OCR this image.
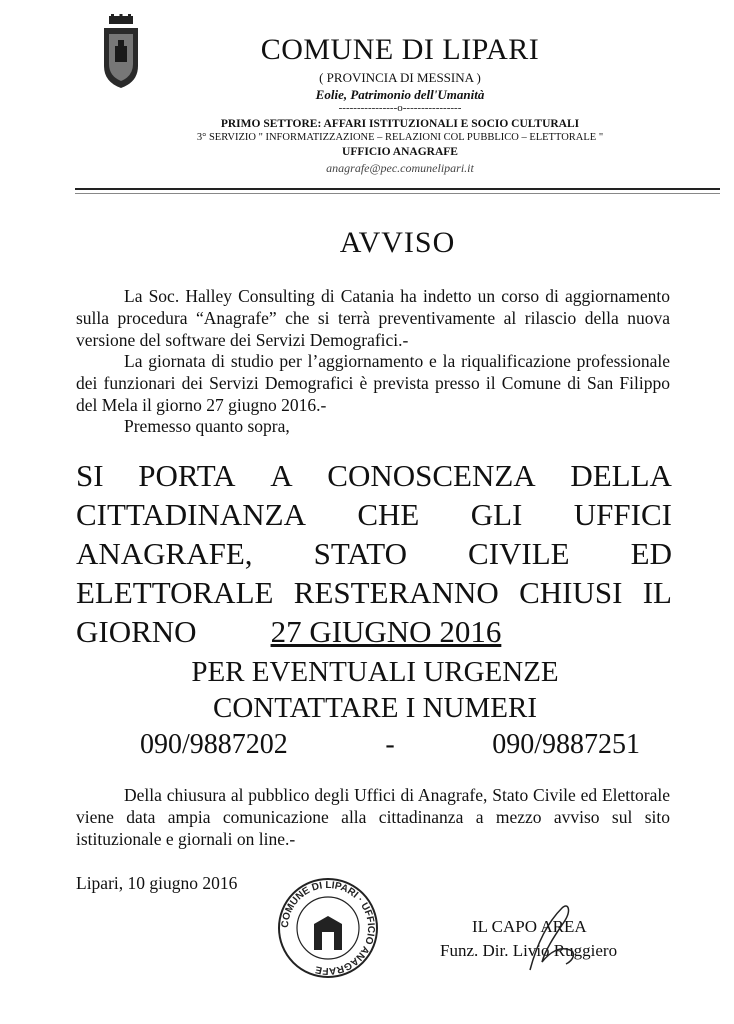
COMUNE DI LIPARI
( PROVINCIA DI MESSINA )
Eolie, Patrimonio dell'Umanità
----------------o----------------
PRIMO SETTORE: AFFARI ISTITUZIONALI E SOCIO CULTURALI
3° SERVIZIO " INFORMATIZZAZIONE – RELAZIONI COL PUBBLICO – ELETTORALE "
UFFICIO ANAGRAFE
anagrafe@pec.comunelipari.it
AVVISO
La Soc. Halley Consulting di Catania ha indetto un corso di aggiornamento sulla procedura “Anagrafe” che si terrà preventivamente al rilascio della nuova versione del software dei Servizi Demografici.-
La giornata di studio per l’aggiornamento e la riqualificazione professionale dei funzionari dei Servizi Demografici è prevista presso il Comune di San Filippo del Mela il giorno 27 giugno 2016.-
Premesso quanto sopra,
SI PORTA A CONOSCENZA DELLA
CITTADINANZA CHE GLI UFFICI
ANAGRAFE, STATO CIVILE ED
ELETTORALE RESTERANNO CHIUSI IL
GIORNO 27 GIUGNO 2016
PER EVENTUALI URGENZE
CONTATTARE I NUMERI
090/9887202	-	090/9887251
Della chiusura al pubblico degli Uffici di Anagrafe, Stato Civile ed Elettorale viene data ampia comunicazione alla cittadinanza a mezzo avviso sul sito istituzionale e giornali on line.-
Lipari, 10 giugno 2016
COMUNE DI LIPARI · UFFICIO ANAGRAFE
IL CAPO AREA
Funz. Dir. Livio Ruggiero
